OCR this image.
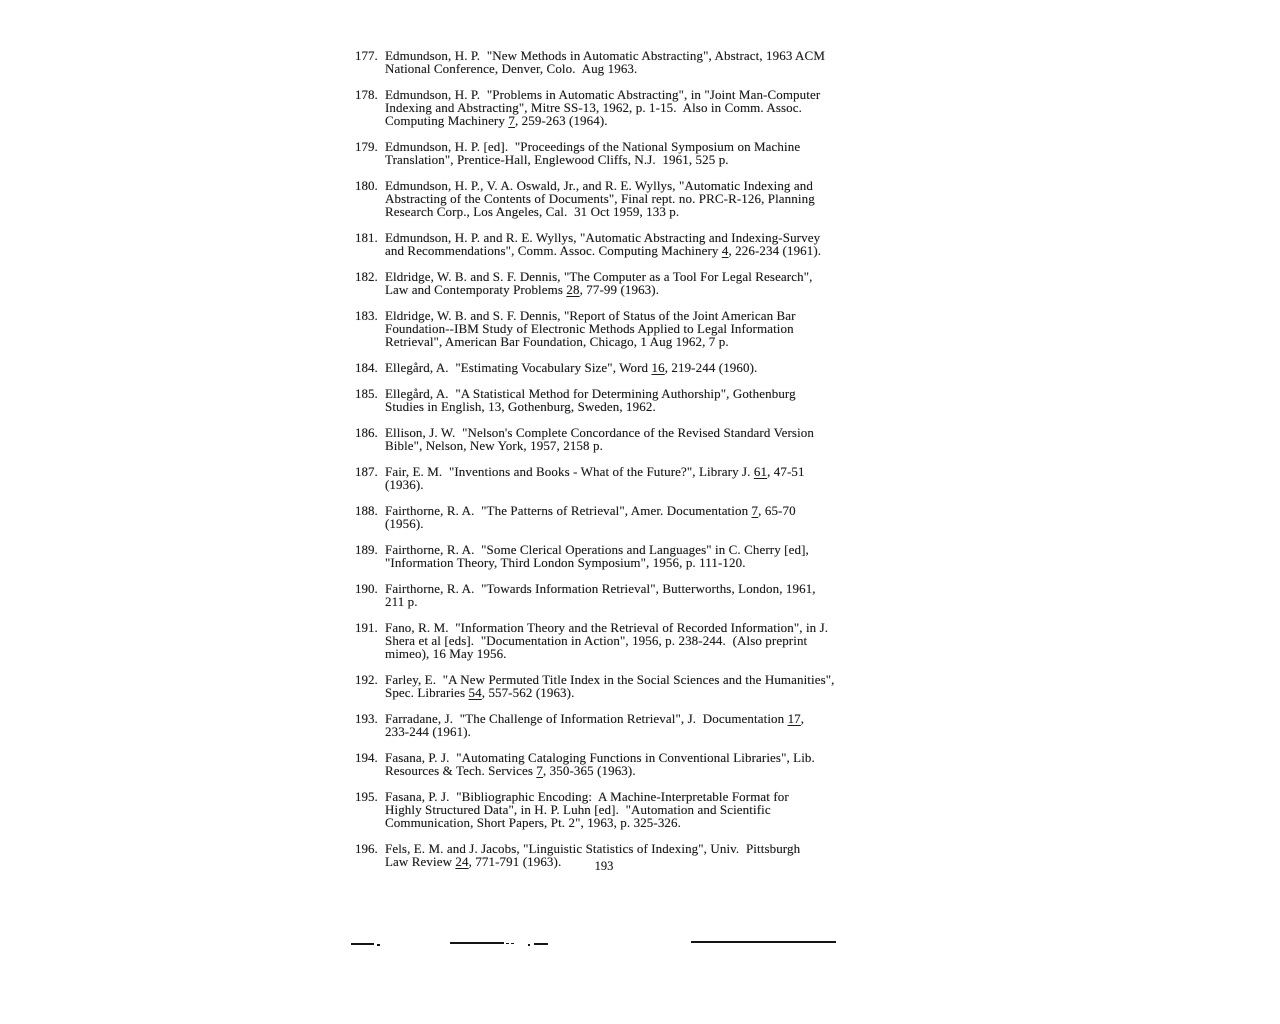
177. Edmundson, H. P.  "New Methods in Automatic Abstracting", Abstract, 1963 ACM
National Conference, Denver, Colo.  Aug 1963.
178. Edmundson, H. P.  "Problems in Automatic Abstracting", in "Joint Man-Computer
Indexing and Abstracting", Mitre SS-13, 1962, p. 1-15.  Also in Comm. Assoc.
Computing Machinery 7, 259-263 (1964).
179. Edmundson, H. P. [ed].  "Proceedings of the National Symposium on Machine
Translation", Prentice-Hall, Englewood Cliffs, N.J.  1961, 525 p.
180. Edmundson, H. P., V. A. Oswald, Jr., and R. E. Wyllys, "Automatic Indexing and
Abstracting of the Contents of Documents", Final rept. no. PRC-R-126, Planning
Research Corp., Los Angeles, Cal.  31 Oct 1959, 133 p.
181. Edmundson, H. P. and R. E. Wyllys, "Automatic Abstracting and Indexing-Survey
and Recommendations", Comm. Assoc. Computing Machinery 4, 226-234 (1961).
182. Eldridge, W. B. and S. F. Dennis, "The Computer as a Tool For Legal Research",
Law and Contemporaty Problems 28, 77-99 (1963).
183. Eldridge, W. B. and S. F. Dennis, "Report of Status of the Joint American Bar
Foundation--IBM Study of Electronic Methods Applied to Legal Information
Retrieval", American Bar Foundation, Chicago, 1 Aug 1962, 7 p.
184. Ellegård, A.  "Estimating Vocabulary Size", Word 16, 219-244 (1960).
185. Ellegård, A.  "A Statistical Method for Determining Authorship", Gothenburg
Studies in English, 13, Gothenburg, Sweden, 1962.
186. Ellison, J. W.  "Nelson's Complete Concordance of the Revised Standard Version
Bible", Nelson, New York, 1957, 2158 p.
187. Fair, E. M.  "Inventions and Books - What of the Future?", Library J. 61, 47-51
(1936).
188. Fairthorne, R. A.  "The Patterns of Retrieval", Amer. Documentation 7, 65-70
(1956).
189. Fairthorne, R. A.  "Some Clerical Operations and Languages" in C. Cherry [ed],
"Information Theory, Third London Symposium", 1956, p. 111-120.
190. Fairthorne, R. A.  "Towards Information Retrieval", Butterworths, London, 1961,
211 p.
191. Fano, R. M.  "Information Theory and the Retrieval of Recorded Information", in J.
Shera et al [eds].  "Documentation in Action", 1956, p. 238-244.  (Also preprint
mimeo), 16 May 1956.
192. Farley, E.  "A New Permuted Title Index in the Social Sciences and the Humanities",
Spec. Libraries 54, 557-562 (1963).
193. Farradane, J.  "The Challenge of Information Retrieval", J.  Documentation 17,
233-244 (1961).
194. Fasana, P. J.  "Automating Cataloging Functions in Conventional Libraries", Lib.
Resources & Tech. Services 7, 350-365 (1963).
195. Fasana, P. J.  "Bibliographic Encoding:  A Machine-Interpretable Format for
Highly Structured Data", in H. P. Luhn [ed].  "Automation and Scientific
Communication, Short Papers, Pt. 2", 1963, p. 325-326.
196. Fels, E. M. and J. Jacobs, "Linguistic Statistics of Indexing", Univ.  Pittsburgh
Law Review 24, 771-791 (1963).	193
